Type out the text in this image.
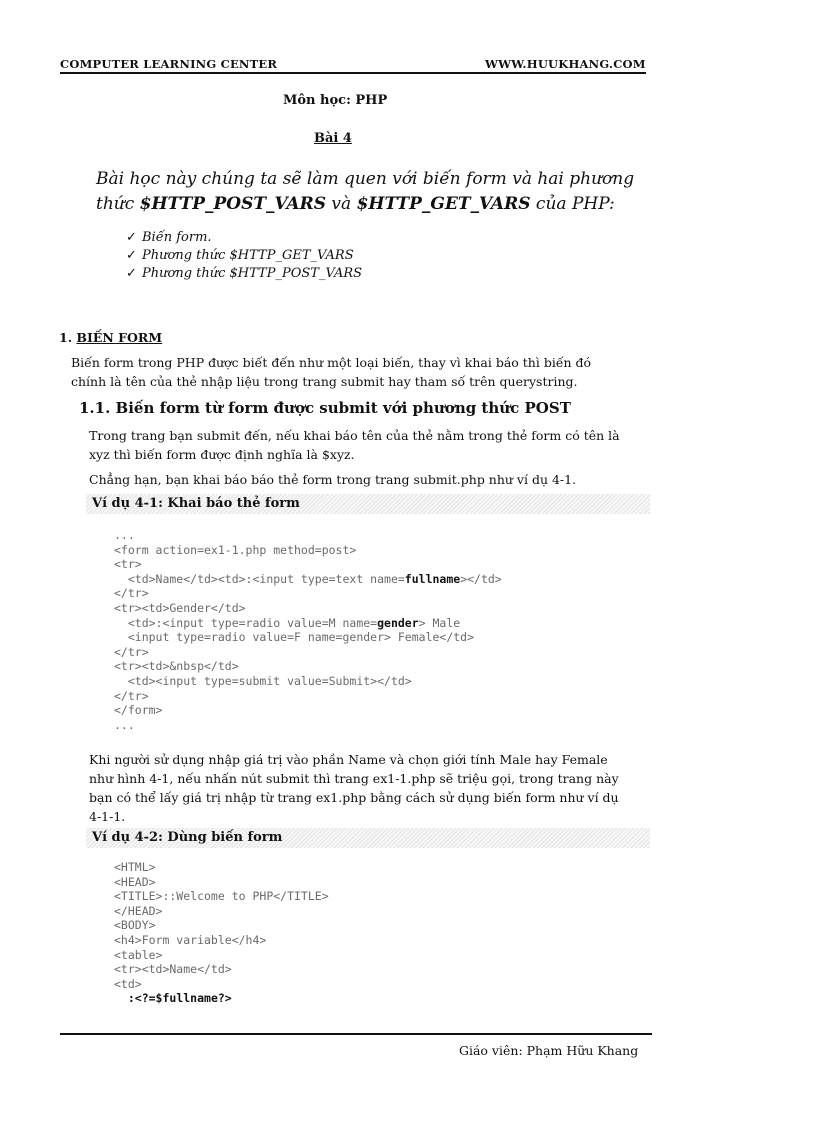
COMPUTER LEARNING CENTER	WWW.HUUKHANG.COM
Môn học: PHP
Bài 4
Bài học này chúng ta sẽ làm quen với biến form và hai phương
thức $HTTP_POST_VARS và $HTTP_GET_VARS của PHP:
✓ Biến form.
✓ Phương thức $HTTP_GET_VARS
✓ Phương thức $HTTP_POST_VARS
1. BIẾN FORM
Biến form trong PHP được biết đến như một loại biến, thay vì khai báo thì biến đó
chính là tên của thẻ nhập liệu trong trang submit hay tham số trên querystring.
1.1. Biến form từ form được submit với phương thức POST
Trong trang bạn submit đến, nếu khai báo tên của thẻ nằm trong thẻ form có tên là
xyz thì biến form được định nghĩa là $xyz.
Chẳng hạn, bạn khai báo báo thẻ form trong trang submit.php như ví dụ 4-1.
Ví dụ 4-1: Khai báo thẻ form
...
<form action=ex1-1.php method=post>
<tr>
<td>Name</td><td>:<input type=text name=fullname></td>
</tr>
<tr><td>Gender</td>
<td>:<input type=radio value=M name=gender> Male
<input type=radio value=F name=gender> Female</td>
</tr>
<tr><td>&nbsp</td>
<td><input type=submit value=Submit></td>
</tr>
</form>
...
Khi người sử dụng nhập giá trị vào phần Name và chọn giới tính Male hay Female
như hình 4-1, nếu nhấn nút submit thì trang ex1-1.php sẽ triệu gọi, trong trang này
bạn có thể lấy giá trị nhập từ trang ex1.php bằng cách sử dụng biến form như ví dụ
4-1-1.
Ví dụ 4-2: Dùng biến form
<HTML>
<HEAD>
<TITLE>::Welcome to PHP</TITLE>
</HEAD>
<BODY>
<h4>Form variable</h4>
<table>
<tr><td>Name</td>
<td>
:<?=$fullname?>
Giáo viên: Phạm Hữu Khang
